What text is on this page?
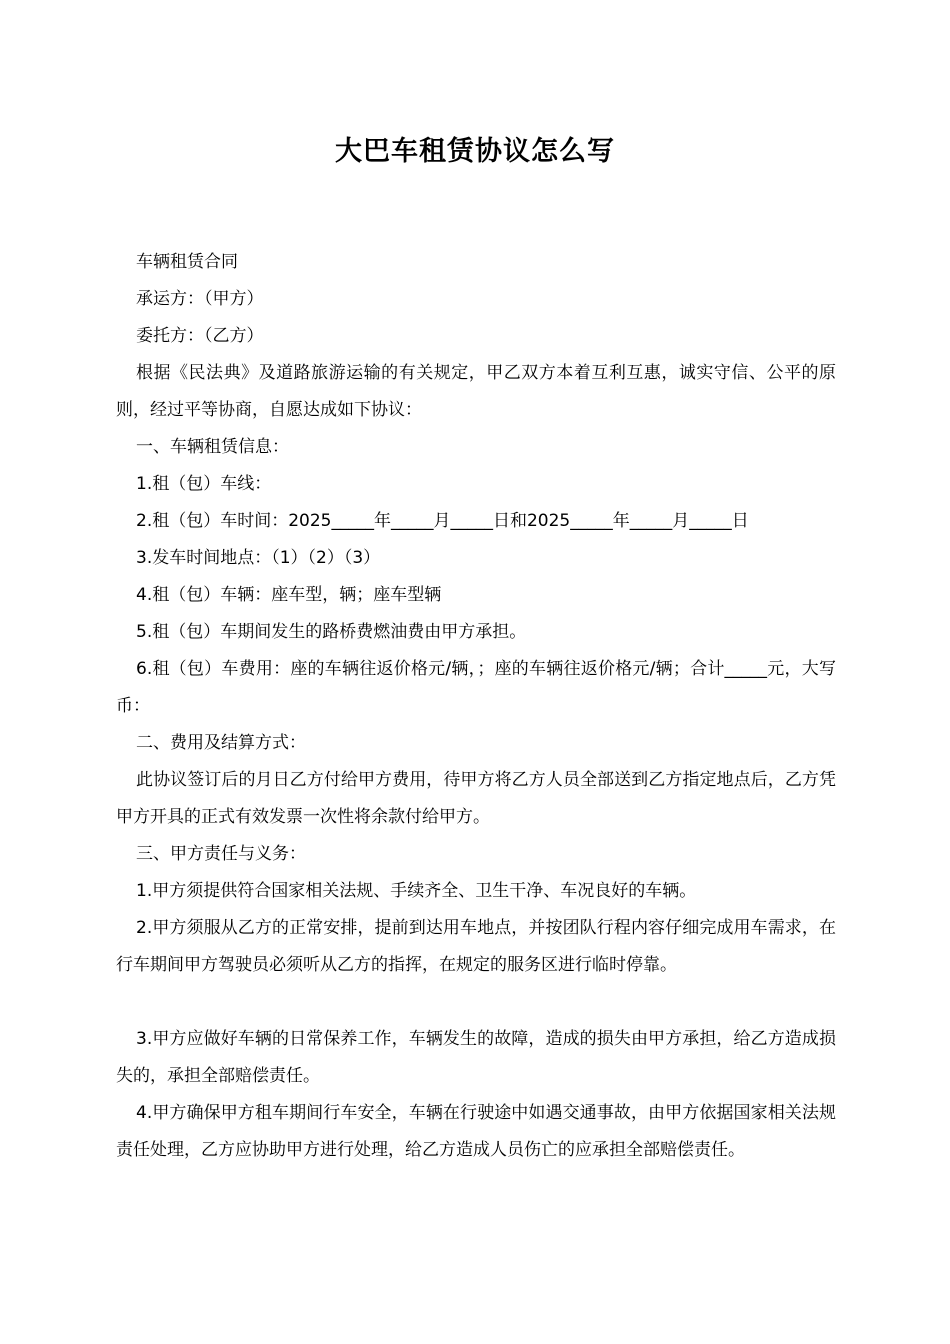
大巴车租赁协议怎么写

车辆租赁合同

承运方：（甲方）

委托方：（乙方）

根据《民法典》及道路旅游运输的有关规定，甲乙双方本着互利互惠，诚实守信、公平的原则，经过平等协商，自愿达成如下协议：

一、车辆租赁信息：

1.租（包）车线：

2.租（包）车时间：2025_____年_____月_____日和2025_____年_____月_____日

3.发车时间地点：（1）（2）（3）

4.租（包）车辆：座车型，辆；座车型辆

5.租（包）车期间发生的路桥费燃油费由甲方承担。

6.租（包）车费用：座的车辆往返价格元/辆，；座的车辆往返价格元/辆；合计_____元，大写币：

二、费用及结算方式：

此协议签订后的月日乙方付给甲方费用，待甲方将乙方人员全部送到乙方指定地点后，乙方凭甲方开具的正式有效发票一次性将余款付给甲方。

三、甲方责任与义务：

1.甲方须提供符合国家相关法规、手续齐全、卫生干净、车况良好的车辆。

2.甲方须服从乙方的正常安排，提前到达用车地点，并按团队行程内容仔细完成用车需求，在行车期间甲方驾驶员必须听从乙方的指挥，在规定的服务区进行临时停靠。

3.甲方应做好车辆的日常保养工作，车辆发生的故障，造成的损失由甲方承担，给乙方造成损失的，承担全部赔偿责任。

4.甲方确保甲方租车期间行车安全，车辆在行驶途中如遇交通事故，由甲方依据国家相关法规责任处理，乙方应协助甲方进行处理，给乙方造成人员伤亡的应承担全部赔偿责任。
